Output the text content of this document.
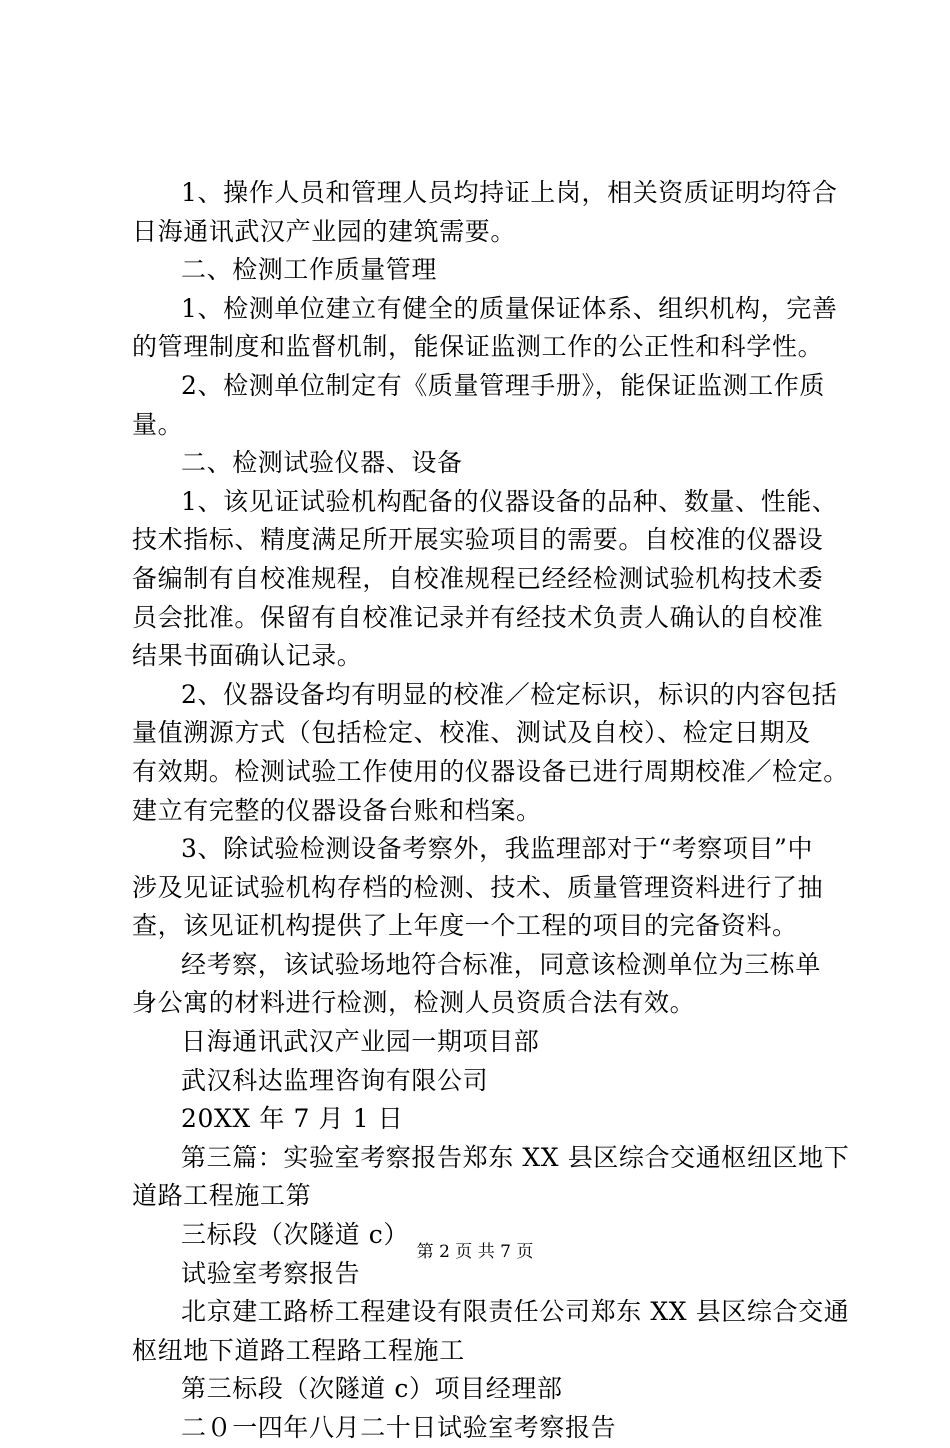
1、操作人员和管理人员均持证上岗，相关资质证明均符合
日海通讯武汉产业园的建筑需要。
二、检测工作质量管理
1、检测单位建立有健全的质量保证体系、组织机构，完善
的管理制度和监督机制，能保证监测工作的公正性和科学性。
2、检测单位制定有《质量管理手册》，能保证监测工作质
量。
二、检测试验仪器、设备
1、该见证试验机构配备的仪器设备的品种、数量、性能、
技术指标、精度满足所开展实验项目的需要。自校准的仪器设
备编制有自校准规程，自校准规程已经经检测试验机构技术委
员会批准。保留有自校准记录并有经技术负责人确认的自校准
结果书面确认记录。
2、仪器设备均有明显的校准／检定标识，标识的内容包括
量值溯源方式（包括检定、校准、测试及自校）、检定日期及
有效期。检测试验工作使用的仪器设备已进行周期校准／检定。
建立有完整的仪器设备台账和档案。
3、除试验检测设备考察外，我监理部对于“考察项目”中
涉及见证试验机构存档的检测、技术、质量管理资料进行了抽
查，该见证机构提供了上年度一个工程的项目的完备资料。
经考察，该试验场地符合标准，同意该检测单位为三栋单
身公寓的材料进行检测，检测人员资质合法有效。
日海通讯武汉产业园一期项目部
武汉科达监理咨询有限公司
20XX 年 7 月 1 日
第三篇：实验室考察报告郑东 XX 县区综合交通枢纽区地下
道路工程施工第
三标段（次隧道 c）
试验室考察报告
北京建工路桥工程建设有限责任公司郑东 XX 县区综合交通
枢纽地下道路工程路工程施工
第三标段（次隧道 c）项目经理部
二０一四年八月二十日试验室考察报告
第 2 页 共 7 页
